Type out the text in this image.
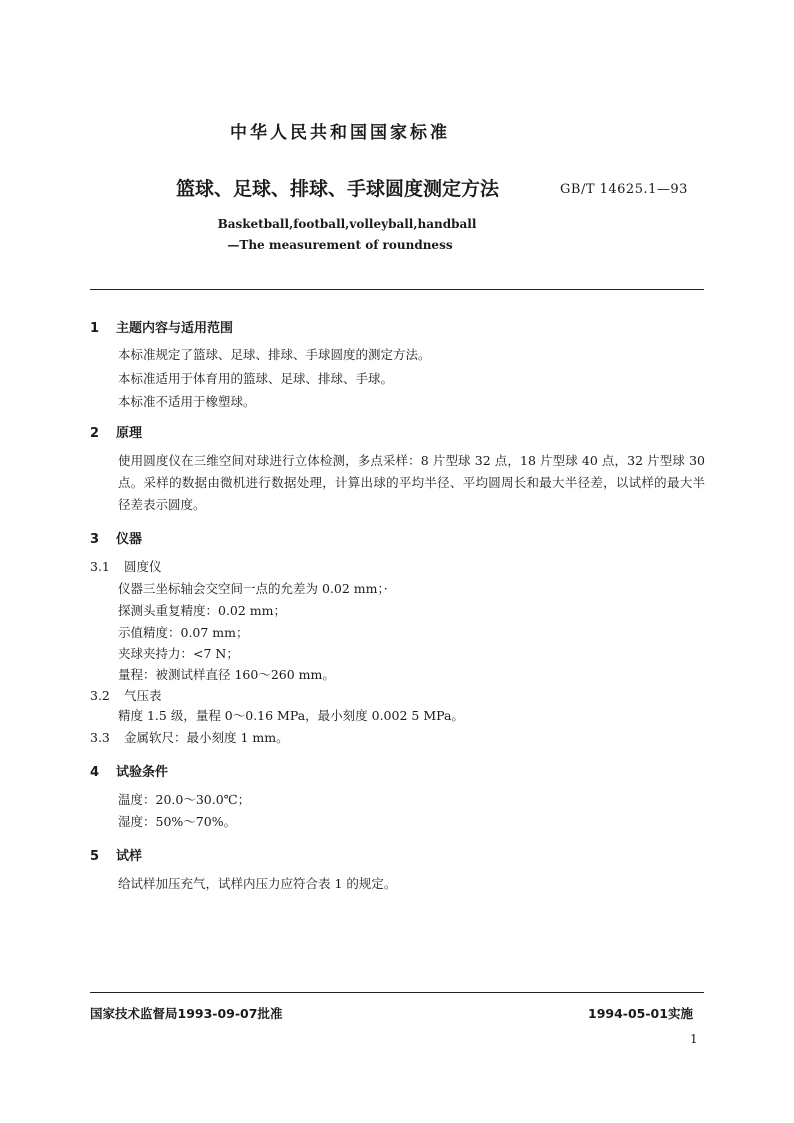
中华人民共和国国家标准
篮球、足球、排球、手球圆度测定方法	GB/T 14625.1—93
Basketball,football,volleyball,handball
—The measurement of roundness
1 主题内容与适用范围
本标准规定了篮球、足球、排球、手球圆度的测定方法。
本标准适用于体育用的篮球、足球、排球、手球。
本标准不适用于橡塑球。
2 原理
使用圆度仪在三维空间对球进行立体检测，多点采样：8 片型球 32 点，18 片型球 40 点，32 片型球 30 点。采样的数据由微机进行数据处理，计算出球的平均半径、平均圆周长和最大半径差，以试样的最大半径差表示圆度。
3 仪器
3.1 圆度仪
仪器三坐标轴会交空间一点的允差为 0.02 mm；·
探测头重复精度：0.02 mm；
示值精度：0.07 mm；
夹球夹持力：<7 N；
量程：被测试样直径 160～260 mm。
3.2 气压表
精度 1.5 级，量程 0～0.16 MPa，最小刻度 0.002 5 MPa。
3.3 金属软尺：最小刻度 1 mm。
4 试验条件
温度：20.0～30.0℃；
湿度：50%～70%。
5 试样
给试样加压充气，试样内压力应符合表 1 的规定。
国家技术监督局1993-09-07批准	1994-05-01实施
1
